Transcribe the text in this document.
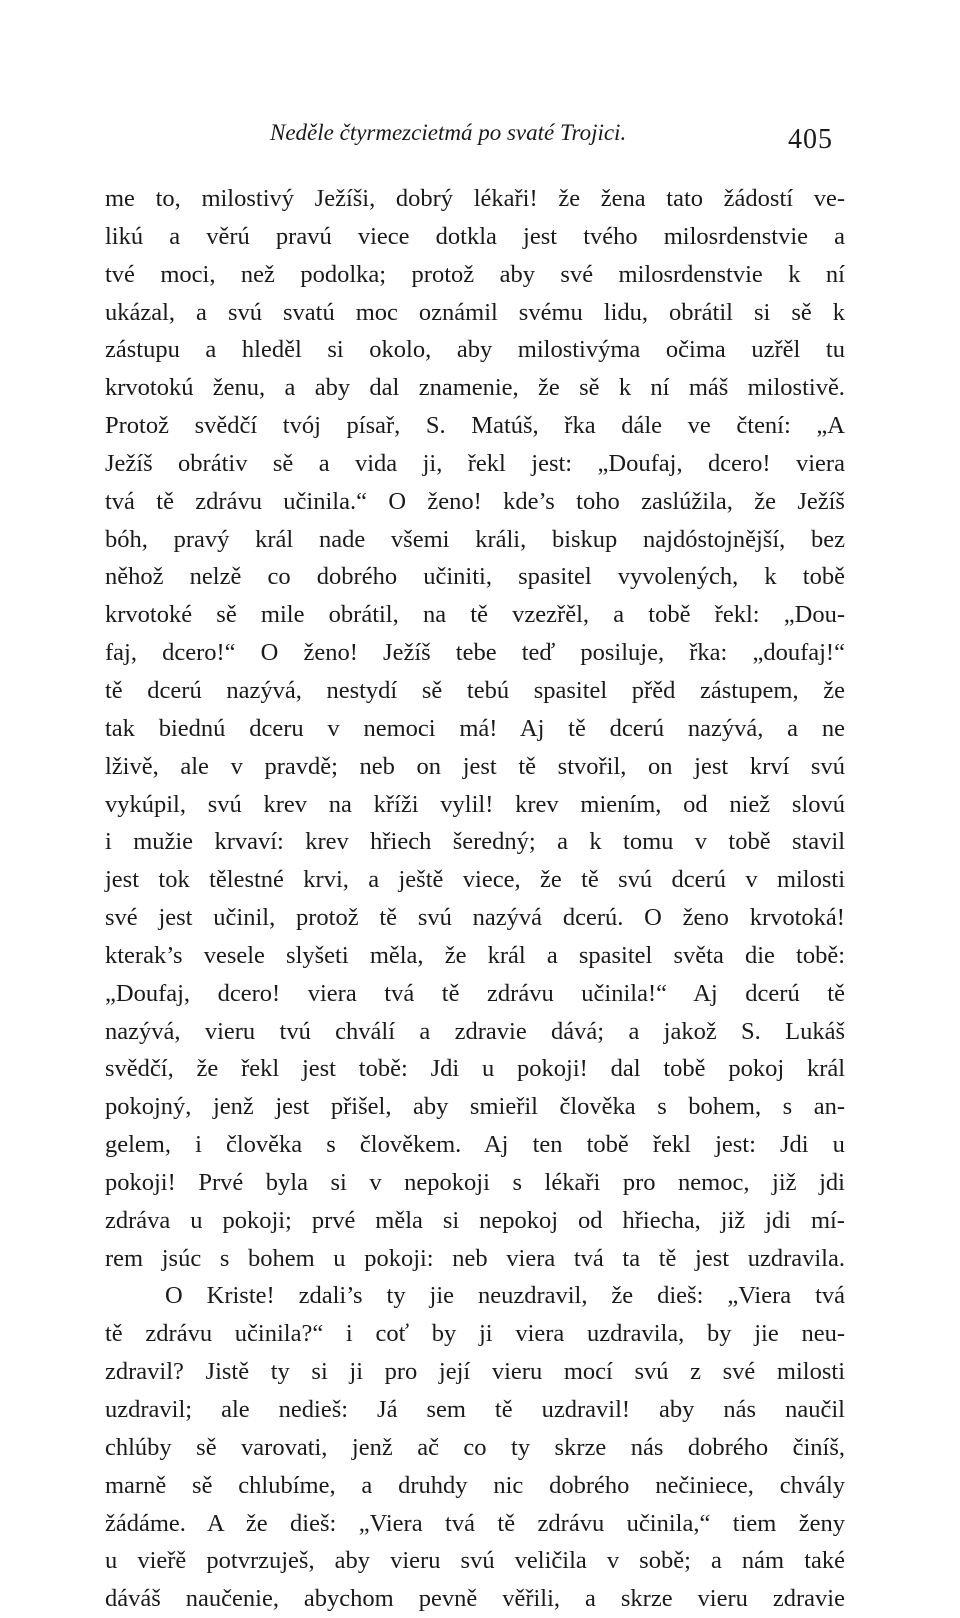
Neděle čtyrmezcietmá po svaté Trojici.	405
me to, milostivý Ježíši, dobrý lékaři! že žena tato žádostí ve-
likú a věrú pravú viece dotkla jest tvého milosrdenstvie a
tvé moci, než podolka; protož aby své milosrdenstvie k ní
ukázal, a svú svatú moc oznámil svému lidu, obrátil si sě k
zástupu a hleděl si okolo, aby milostivýma očima uzřěl tu
krvotokú ženu, a aby dal znamenie, že sě k ní máš milostivě.
Protož svědčí tvój písař, S. Matúš, řka dále ve čtení: „A
Ježíš obrátiv sě a vida ji, řekl jest: „Doufaj, dcero! viera
tvá tě zdrávu učinila.“ O ženo! kde’s toho zaslúžila, že Ježíš
bóh, pravý král nade všemi králi, biskup najdóstojnější, bez
něhož nelzě co dobrého učiniti, spasitel vyvolených, k tobě
krvotoké sě mile obrátil, na tě vzezřěl, a tobě řekl: „Dou-
faj, dcero!“ O ženo! Ježíš tebe teď posiluje, řka: „doufaj!“
tě dcerú nazývá, nestydí sě tebú spasitel přěd zástupem, že
tak biednú dceru v nemoci má! Aj tě dcerú nazývá, a ne
lživě, ale v pravdě; neb on jest tě stvořil, on jest krví svú
vykúpil, svú krev na kříži vylil! krev miením, od niež slovú
i mužie krvaví: krev hřiech šeredný; a k tomu v tobě stavil
jest tok tělestné krvi, a ještě viece, že tě svú dcerú v milosti
své jest učinil, protož tě svú nazývá dcerú. O ženo krvotoká!
kterak’s vesele slyšeti měla, že král a spasitel světa die tobě:
„Doufaj, dcero! viera tvá tě zdrávu učinila!“ Aj dcerú tě
nazývá, vieru tvú chválí a zdravie dává; a jakož S. Lukáš
svědčí, že řekl jest tobě: Jdi u pokoji! dal tobě pokoj král
pokojný, jenž jest přišel, aby smieřil člověka s bohem, s an-
gelem, i člověka s člověkem. Aj ten tobě řekl jest: Jdi u
pokoji! Prvé byla si v nepokoji s lékaři pro nemoc, již jdi
zdráva u pokoji; prvé měla si nepokoj od hřiecha, již jdi mí-
rem jsúc s bohem u pokoji: neb viera tvá ta tě jest uzdravila.
O Kriste! zdali’s ty jie neuzdravil, že dieš: „Viera tvá
tě zdrávu učinila?“ i coť by ji viera uzdravila, by jie neu-
zdravil? Jistě ty si ji pro její vieru mocí svú z své milosti
uzdravil; ale nedieš: Já sem tě uzdravil! aby nás naučil
chlúby sě varovati, jenž ač co ty skrze nás dobrého činíš,
marně sě chlubíme, a druhdy nic dobrého nečiniece, chvály
žádáme. A že dieš: „Viera tvá tě zdrávu učinila,“ tiem ženy
u vieřě potvrzuješ, aby vieru svú veličila v sobě; a nám také
dáváš naučenie, abychom pevně věřili, a skrze vieru zdravie
